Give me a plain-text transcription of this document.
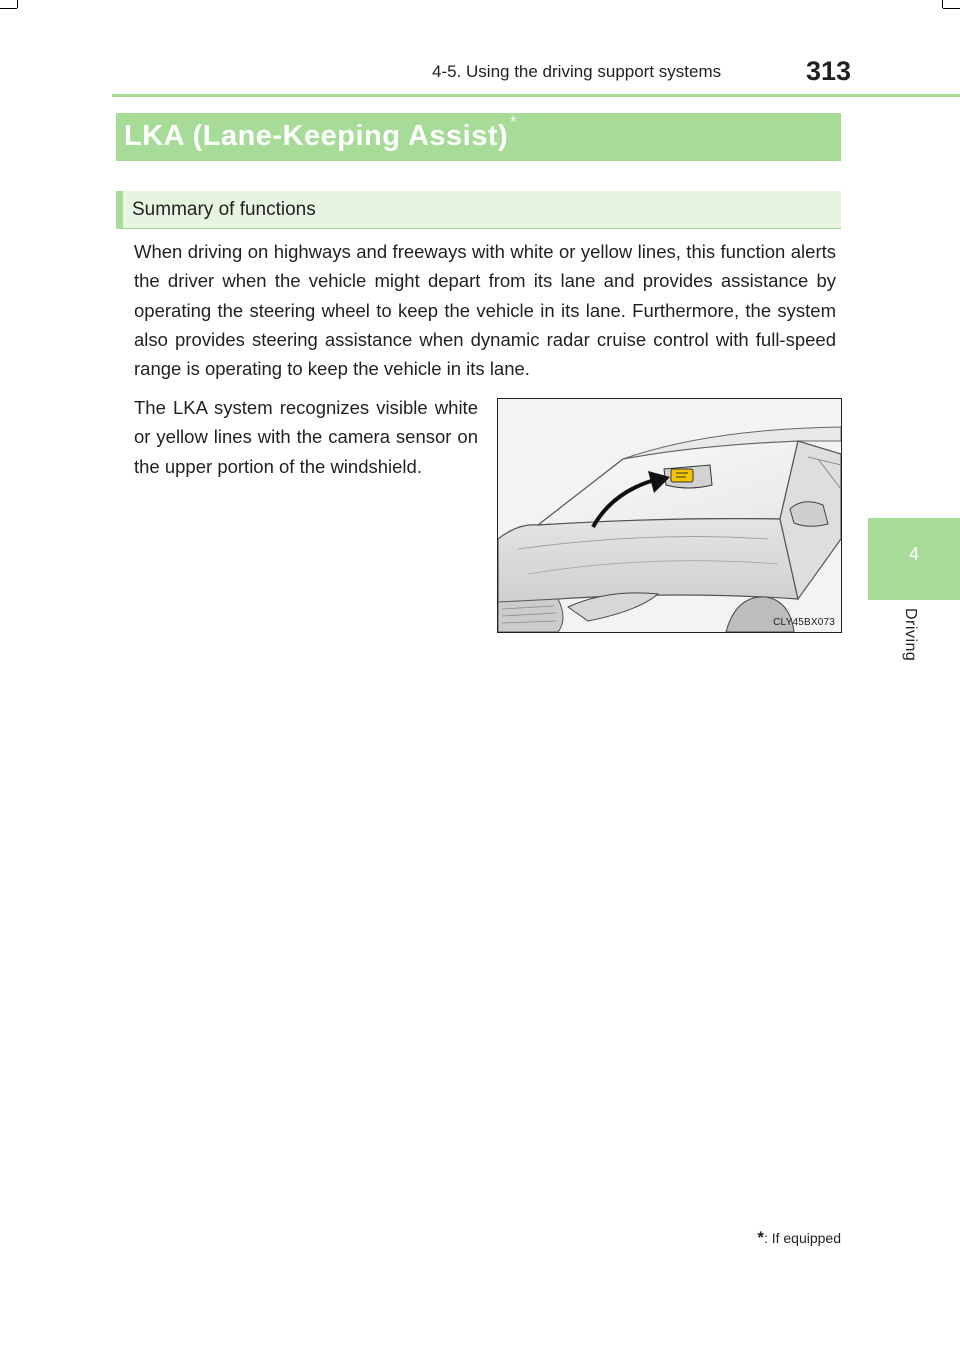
4-5. Using the driving support systems	313
4
Driving
LKA (Lane-Keeping Assist) *
Summary of functions
When driving on highways and freeways with white or yellow lines, this function alerts the driver when the vehicle might depart from its lane and provides assistance by operating the steering wheel to keep the vehicle in its lane. Furthermore, the system also provides steering assistance when dynamic radar cruise control with full-speed range is operating to keep the vehicle in its lane.
The LKA system recognizes visible white or yellow lines with the camera sensor on the upper portion of the windshield.
CLY45BX073
*: If equipped
